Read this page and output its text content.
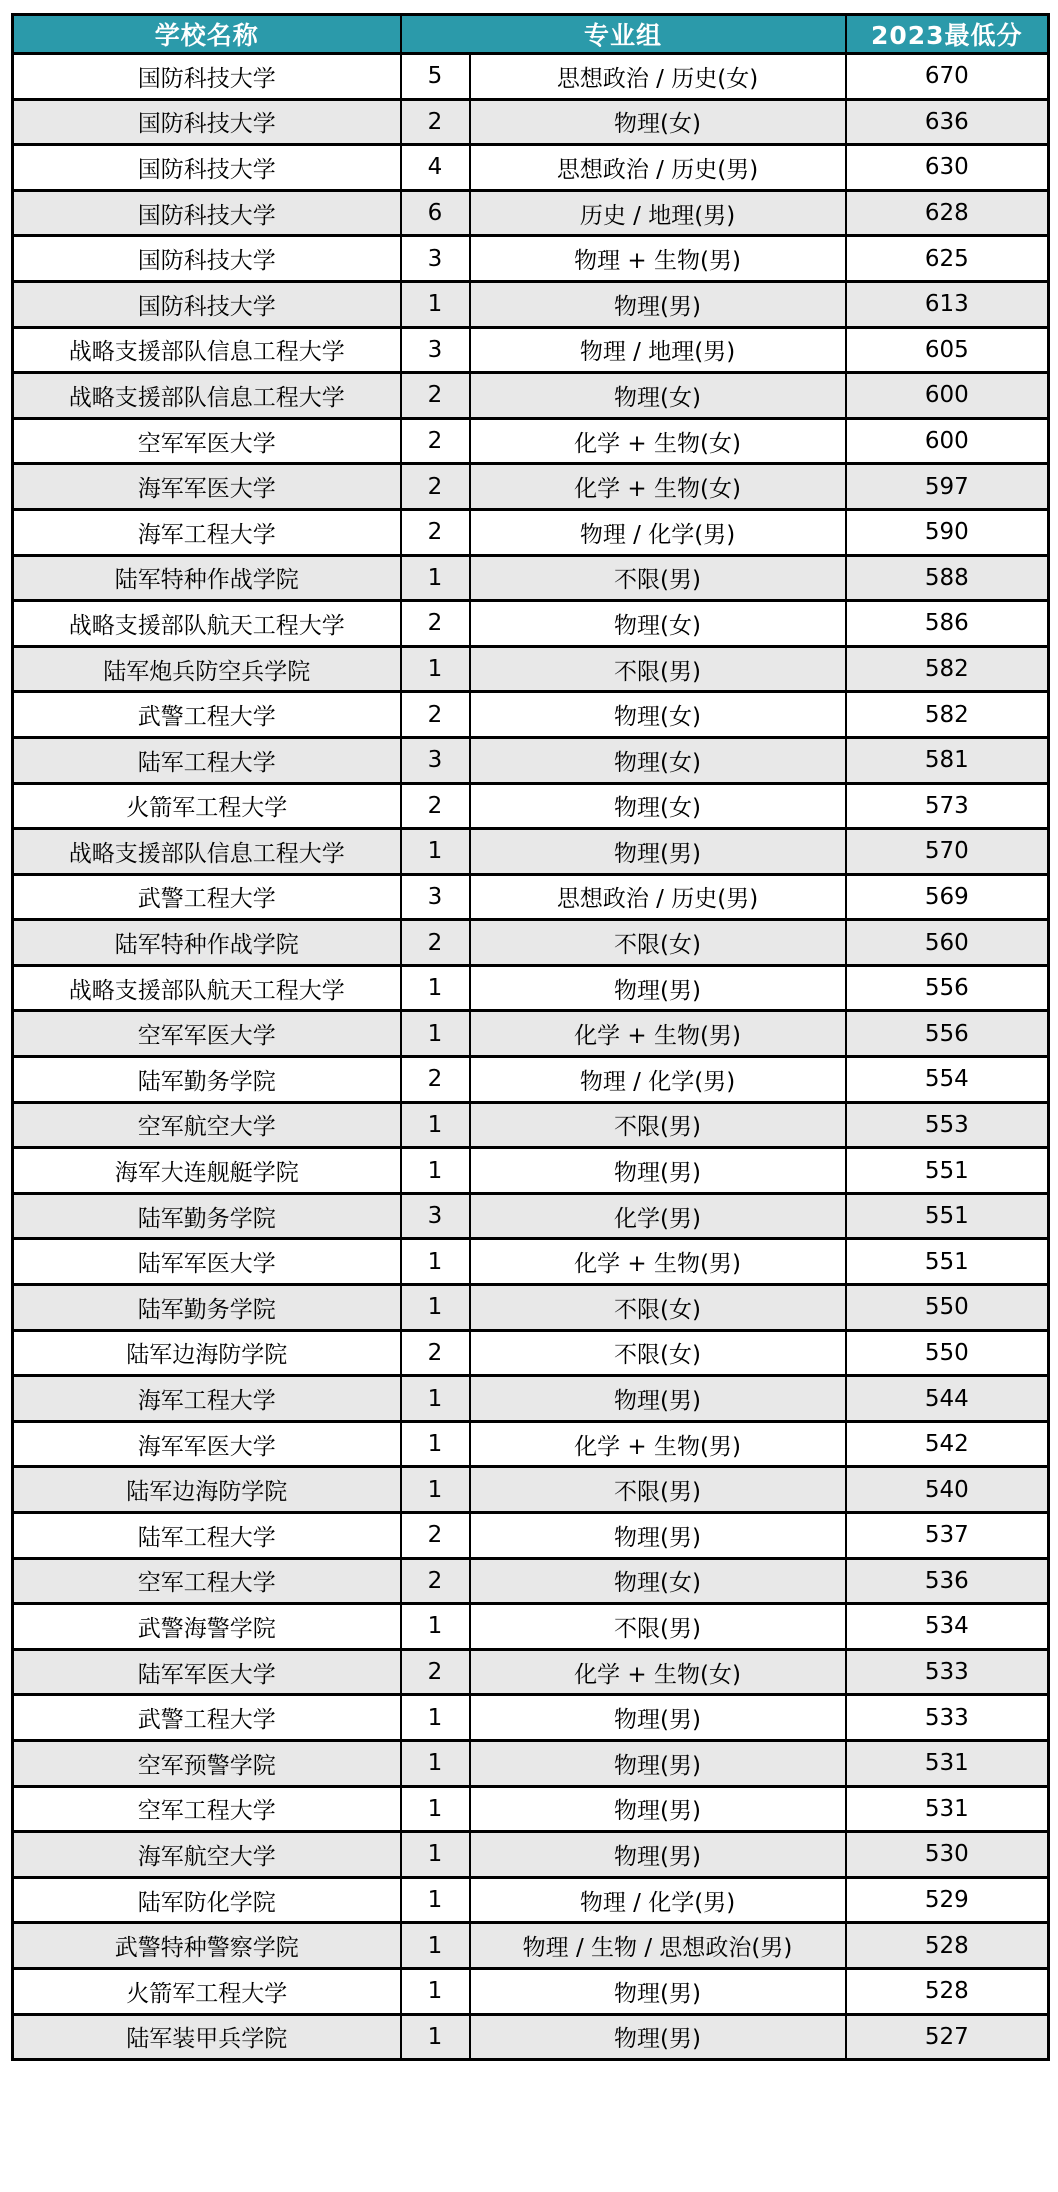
学校名称	专业组		2023最低分
国防科技大学	5	思想政治 / 历史(女)	670
国防科技大学	2	物理(女)	636
国防科技大学	4	思想政治 / 历史(男)	630
国防科技大学	6	历史 / 地理(男)	628
国防科技大学	3	物理 + 生物(男)	625
国防科技大学	1	物理(男)	613
战略支援部队信息工程大学	3	物理 / 地理(男)	605
战略支援部队信息工程大学	2	物理(女)	600
空军军医大学	2	化学 + 生物(女)	600
海军军医大学	2	化学 + 生物(女)	597
海军工程大学	2	物理 / 化学(男)	590
陆军特种作战学院	1	不限(男)	588
战略支援部队航天工程大学	2	物理(女)	586
陆军炮兵防空兵学院	1	不限(男)	582
武警工程大学	2	物理(女)	582
陆军工程大学	3	物理(女)	581
火箭军工程大学	2	物理(女)	573
战略支援部队信息工程大学	1	物理(男)	570
武警工程大学	3	思想政治 / 历史(男)	569
陆军特种作战学院	2	不限(女)	560
战略支援部队航天工程大学	1	物理(男)	556
空军军医大学	1	化学 + 生物(男)	556
陆军勤务学院	2	物理 / 化学(男)	554
空军航空大学	1	不限(男)	553
海军大连舰艇学院	1	物理(男)	551
陆军勤务学院	3	化学(男)	551
陆军军医大学	1	化学 + 生物(男)	551
陆军勤务学院	1	不限(女)	550
陆军边海防学院	2	不限(女)	550
海军工程大学	1	物理(男)	544
海军军医大学	1	化学 + 生物(男)	542
陆军边海防学院	1	不限(男)	540
陆军工程大学	2	物理(男)	537
空军工程大学	2	物理(女)	536
武警海警学院	1	不限(男)	534
陆军军医大学	2	化学 + 生物(女)	533
武警工程大学	1	物理(男)	533
空军预警学院	1	物理(男)	531
空军工程大学	1	物理(男)	531
海军航空大学	1	物理(男)	530
陆军防化学院	1	物理 / 化学(男)	529
武警特种警察学院	1	物理 / 生物 / 思想政治(男)	528
火箭军工程大学	1	物理(男)	528
陆军装甲兵学院	1	物理(男)	527
